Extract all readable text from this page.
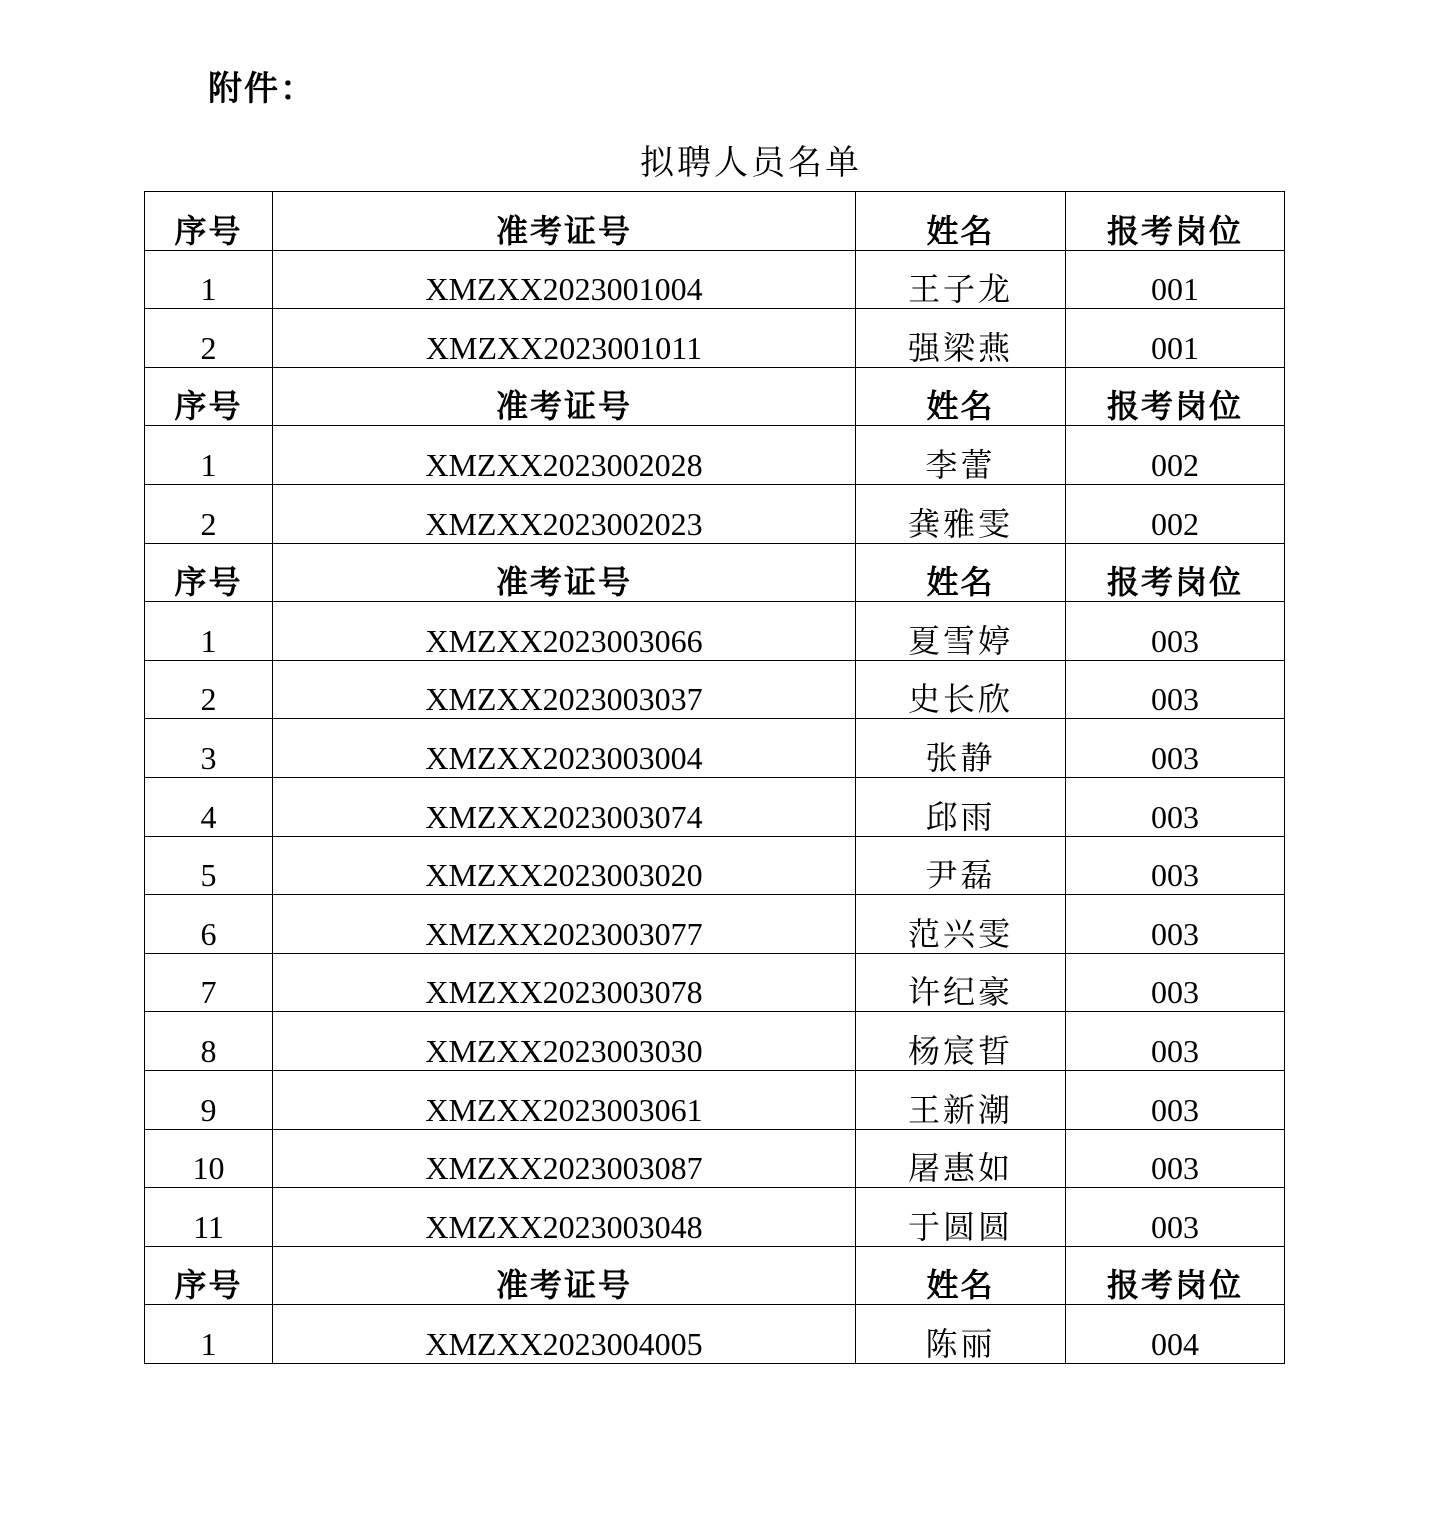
附件：
拟聘人员名单
序号	准考证号	姓名	报考岗位
1	XMZXX2023001004	王子龙	001
2	XMZXX2023001011	强梁燕	001
序号	准考证号	姓名	报考岗位
1	XMZXX2023002028	李蕾	002
2	XMZXX2023002023	龚雅雯	002
序号	准考证号	姓名	报考岗位
1	XMZXX2023003066	夏雪婷	003
2	XMZXX2023003037	史长欣	003
3	XMZXX2023003004	张静	003
4	XMZXX2023003074	邱雨	003
5	XMZXX2023003020	尹磊	003
6	XMZXX2023003077	范兴雯	003
7	XMZXX2023003078	许纪豪	003
8	XMZXX2023003030	杨宸晢	003
9	XMZXX2023003061	王新潮	003
10	XMZXX2023003087	屠惠如	003
11	XMZXX2023003048	于圆圆	003
序号	准考证号	姓名	报考岗位
1	XMZXX2023004005	陈丽	004
